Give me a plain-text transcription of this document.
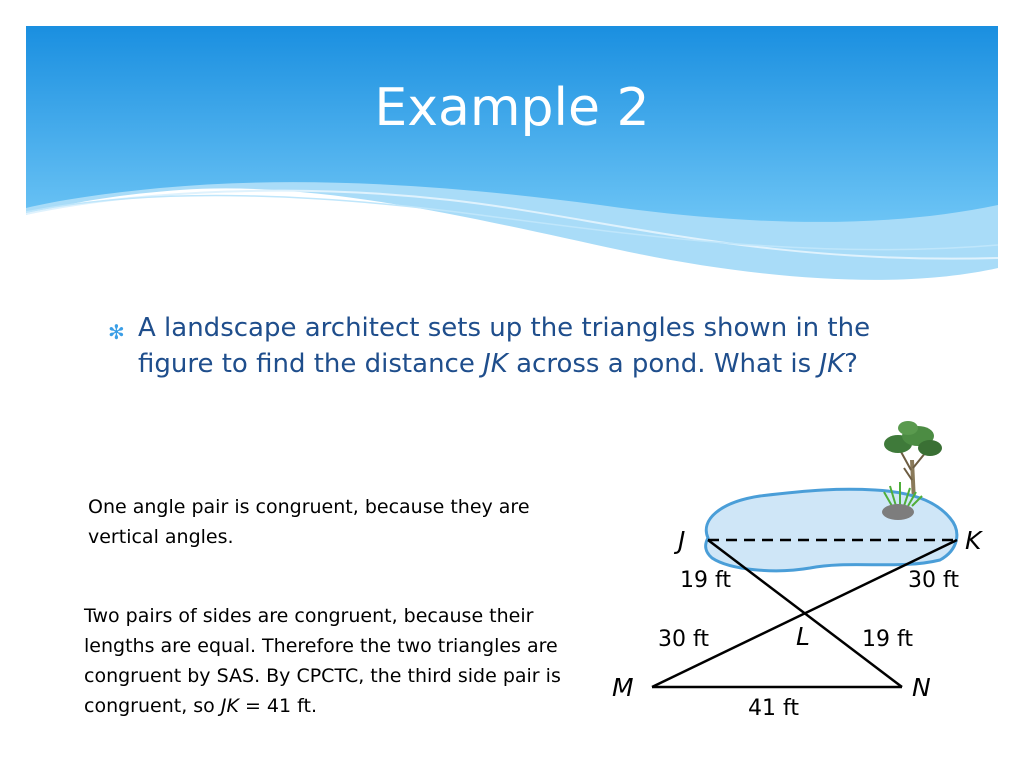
Example 2
✻ A landscape architect sets up the triangles shown in the figure to find the distance JK across a pond. What is JK?
One angle pair is congruent, because they are vertical angles.
Two pairs of sides are congruent, because their lengths are equal. Therefore the two triangles are congruent by SAS. By CPCTC, the third side pair is congruent, so JK = 41 ft.
J	K
L
M	N
19 ft	30 ft
30 ft	19 ft
41 ft
